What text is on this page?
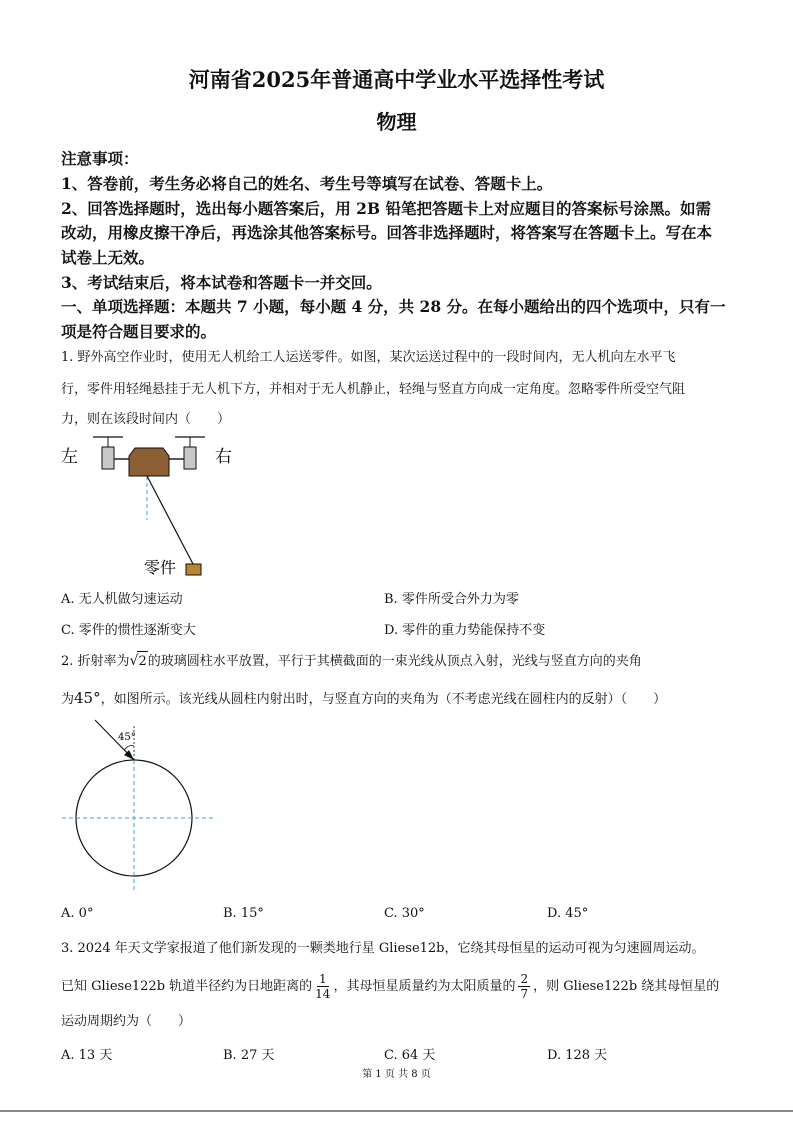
河南省2025年普通高中学业水平选择性考试
物理
注意事项：
1、答卷前，考生务必将自己的姓名、考生号等填写在试卷、答题卡上。
2、回答选择题时，选出每小题答案后，用 2B 铅笔把答题卡上对应题目的答案标号涂黑。如需
改动，用橡皮擦干净后，再选涂其他答案标号。回答非选择题时，将答案写在答题卡上。写在本
试卷上无效。
3、考试结束后，将本试卷和答题卡一并交回。
一、单项选择题：本题共 7 小题，每小题 4 分，共 28 分。在每小题给出的四个选项中，只有一
项是符合题目要求的。
1. 野外高空作业时，使用无人机给工人运送零件。如图，某次运送过程中的一段时间内，无人机向左水平飞
行，零件用轻绳悬挂于无人机下方，并相对于无人机静止，轻绳与竖直方向成一定角度。忽略零件所受空气阻
力，则在该段时间内（　　）
左	右
零件
A. 无人机做匀速运动	B. 零件所受合外力为零
C. 零件的惯性逐渐变大	D. 零件的重力势能保持不变
2. 折射率为√2的玻璃圆柱水平放置，平行于其横截面的一束光线从顶点入射，光线与竖直方向的夹角
为45°，如图所示。该光线从圆柱内射出时，与竖直方向的夹角为（不考虑光线在圆柱内的反射）（　　）
45°
A. 0°	B. 15°	C. 30°	D. 45°
3. 2024 年天文学家报道了他们新发现的一颗类地行星 Gliese12b，它绕其母恒星的运动可视为匀速圆周运动。
已知 Gliese122b 轨道半径约为日地距离的 $\frac{1}{14}$ ，其母恒星质量约为太阳质量的 $\frac{2}{7}$ ，则 Gliese122b 绕其母恒星的
运动周期约为（　　）
A. 13 天	B. 27 天	C. 64 天	D. 128 天
第 1 页 共 8 页
